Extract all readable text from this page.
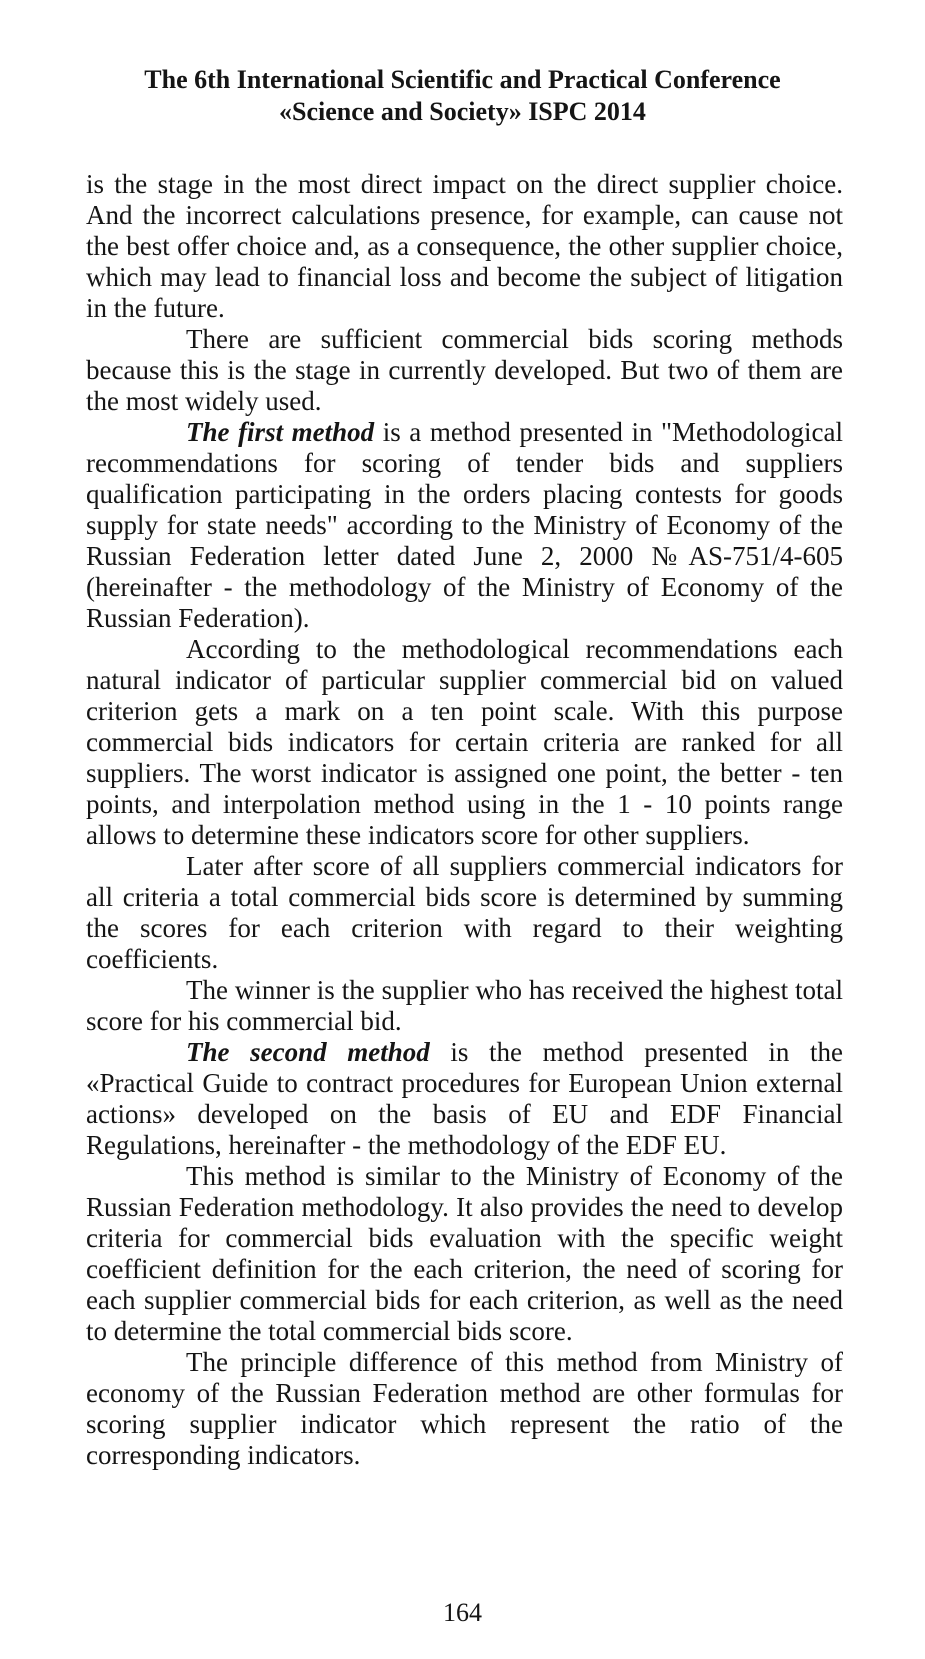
The 6th International Scientific and Practical Conference
«Science and Society» ISPC 2014

is the stage in the most direct impact on the direct supplier choice. And the incorrect calculations presence, for example, can cause not the best offer choice and, as a consequence, the other supplier choice, which may lead to financial loss and become the subject of litigation in the future.

There are sufficient commercial bids scoring methods because this is the stage in currently developed. But two of them are the most widely used.

The first method is a method presented in "Methodological recommendations for scoring of tender bids and suppliers qualification participating in the orders placing contests for goods supply for state needs" according to the Ministry of Economy of the Russian Federation letter dated June 2, 2000 №AS-751/4-605 (hereinafter - the methodology of the Ministry of Economy of the Russian Federation).

According to the methodological recommendations each natural indicator of particular supplier commercial bid on valued criterion gets a mark on a ten point scale. With this purpose commercial bids indicators for certain criteria are ranked for all suppliers. The worst indicator is assigned one point, the better - ten points, and interpolation method using in the 1 - 10 points range allows to determine these indicators score for other suppliers.

Later after score of all suppliers commercial indicators for all criteria a total commercial bids score is determined by summing the scores for each criterion with regard to their weighting coefficients.

The winner is the supplier who has received the highest total score for his commercial bid.

The second method is the method presented in the «Practical Guide to contract procedures for European Union external actions» developed on the basis of EU and EDF Financial Regulations, hereinafter - the methodology of the EDF EU.

This method is similar to the Ministry of Economy of the Russian Federation methodology. It also provides the need to develop criteria for commercial bids evaluation with the specific weight coefficient definition for the each criterion, the need of scoring for each supplier commercial bids for each criterion, as well as the need to determine the total commercial bids score.

The principle difference of this method from Ministry of economy of the Russian Federation method are other formulas for scoring supplier indicator which represent the ratio of the corresponding indicators.

164
